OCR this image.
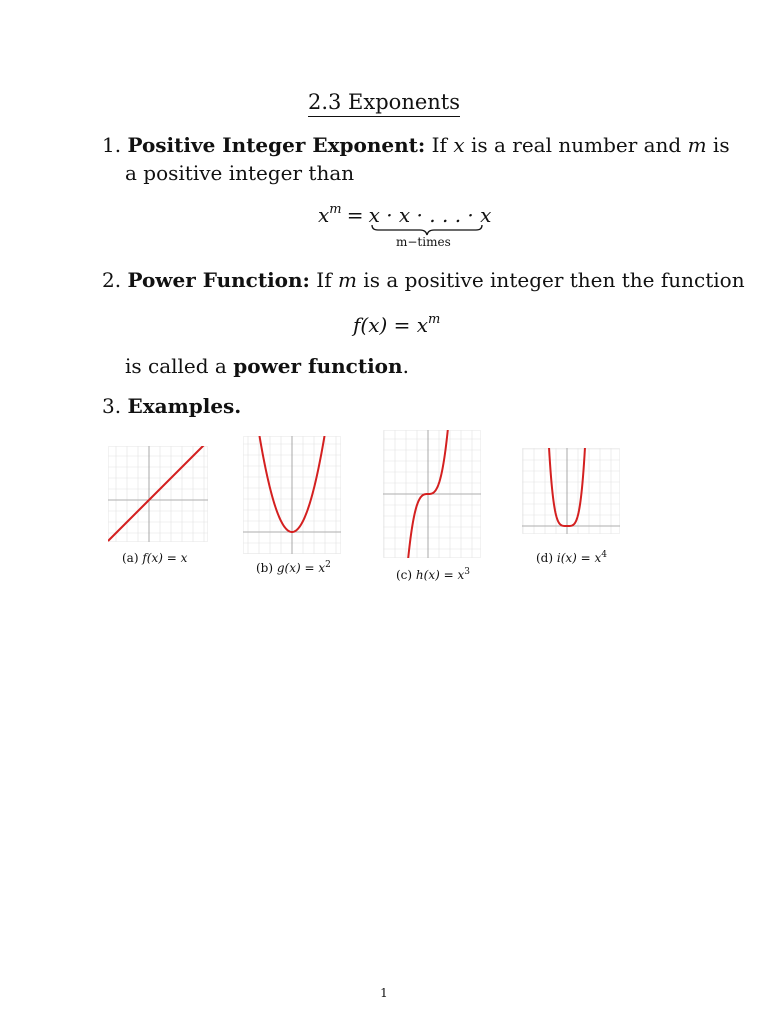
2.3 Exponents
1. Positive Integer Exponent: If x is a real number and m is
a positive integer than
$x^m = x \cdot x$ · . . . · x
m−times
2. Power Function: If m is a positive integer then the function
$f(x) = x^m$
is called a power function.
3. Examples.
(a) f(x) = x
(b) $g(x) = x^2$
(c) $h(x) = x^3$
(d) $i(x) = x^4$
1
